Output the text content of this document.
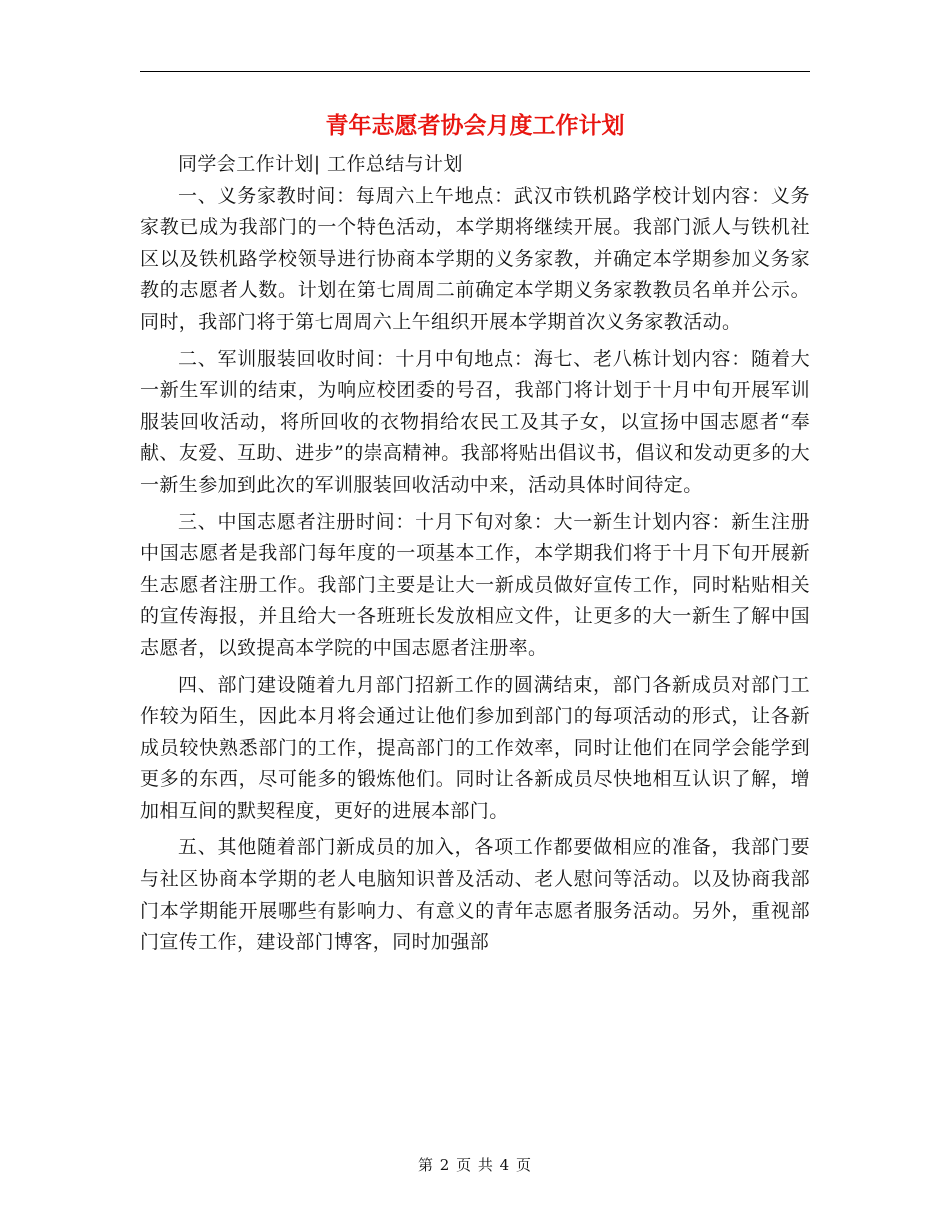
青年志愿者协会月度工作计划

同学会工作计划| 工作总结与计划

一、义务家教时间：每周六上午地点：武汉市铁机路学校计划内容：义务家教已成为我部门的一个特色活动，本学期将继续开展。我部门派人与铁机社区以及铁机路学校领导进行协商本学期的义务家教，并确定本学期参加义务家教的志愿者人数。计划在第七周周二前确定本学期义务家教教员名单并公示。同时，我部门将于第七周周六上午组织开展本学期首次义务家教活动。

二、军训服装回收时间：十月中旬地点：海七、老八栋计划内容：随着大一新生军训的结束，为响应校团委的号召，我部门将计划于十月中旬开展军训服装回收活动，将所回收的衣物捐给农民工及其子女，以宣扬中国志愿者“奉献、友爱、互助、进步”的崇高精神。我部将贴出倡议书，倡议和发动更多的大一新生参加到此次的军训服装回收活动中来，活动具体时间待定。

三、中国志愿者注册时间：十月下旬对象：大一新生计划内容：新生注册中国志愿者是我部门每年度的一项基本工作，本学期我们将于十月下旬开展新生志愿者注册工作。我部门主要是让大一新成员做好宣传工作，同时粘贴相关的宣传海报，并且给大一各班班长发放相应文件，让更多的大一新生了解中国志愿者，以致提高本学院的中国志愿者注册率。

四、部门建设随着九月部门招新工作的圆满结束，部门各新成员对部门工作较为陌生，因此本月将会通过让他们参加到部门的每项活动的形式，让各新成员较快熟悉部门的工作，提高部门的工作效率，同时让他们在同学会能学到更多的东西，尽可能多的锻炼他们。同时让各新成员尽快地相互认识了解，增加相互间的默契程度，更好的进展本部门。

五、其他随着部门新成员的加入，各项工作都要做相应的准备，我部门要与社区协商本学期的老人电脑知识普及活动、老人慰问等活动。以及协商我部门本学期能开展哪些有影响力、有意义的青年志愿者服务活动。另外，重视部门宣传工作，建设部门博客，同时加强部

第 2 页 共 4 页
